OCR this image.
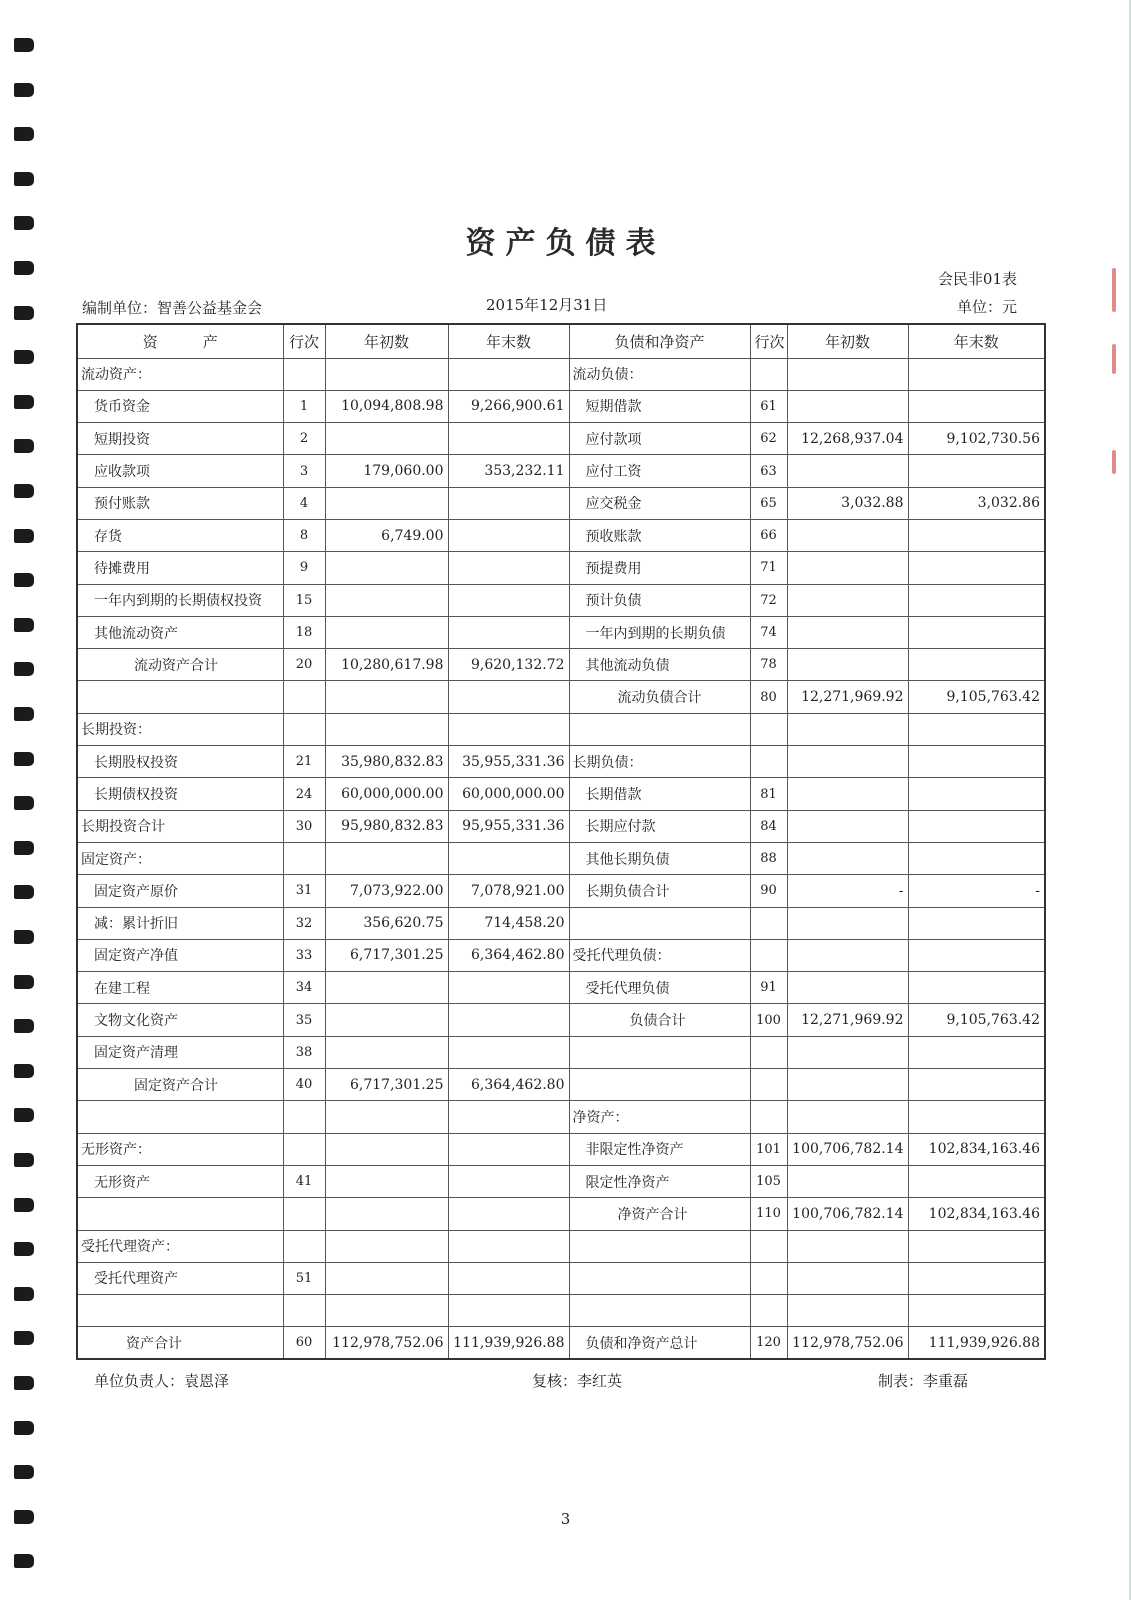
资产负债表
会民非01表
编制单位：智善公益基金会	2015年12月31日	单位：元
资　　　产	行次	年初数	年末数	负债和净资产	行次	年初数	年末数
流动资产：				流动负债：			
货币资金	1	10,094,808.98	9,266,900.61	短期借款	61		
短期投资	2			应付款项	62	12,268,937.04	9,102,730.56
应收款项	3	179,060.00	353,232.11	应付工资	63		
预付账款	4			应交税金	65	3,032.88	3,032.86
存货	8	6,749.00		预收账款	66		
待摊费用	9			预提费用	71		
一年内到期的长期债权投资	15			预计负债	72		
其他流动资产	18			一年内到期的长期负债	74		
流动资产合计	20	10,280,617.98	9,620,132.72	其他流动负债	78		
				流动负债合计	80	12,271,969.92	9,105,763.42
长期投资：							
长期股权投资	21	35,980,832.83	35,955,331.36	长期负债：			
长期债权投资	24	60,000,000.00	60,000,000.00	长期借款	81		
长期投资合计	30	95,980,832.83	95,955,331.36	长期应付款	84		
固定资产：				其他长期负债	88		
固定资产原价	31	7,073,922.00	7,078,921.00	长期负债合计	90	-	-
减：累计折旧	32	356,620.75	714,458.20				
固定资产净值	33	6,717,301.25	6,364,462.80	受托代理负债：			
在建工程	34			受托代理负债	91		
文物文化资产	35			负债合计	100	12,271,969.92	9,105,763.42
固定资产清理	38						
固定资产合计	40	6,717,301.25	6,364,462.80				
				净资产：			
无形资产：				非限定性净资产	101	100,706,782.14	102,834,163.46
无形资产	41			限定性净资产	105		
				净资产合计	110	100,706,782.14	102,834,163.46
受托代理资产：							
受托代理资产	51						

资产合计	60	112,978,752.06	111,939,926.88	负债和净资产总计	120	112,978,752.06	111,939,926.88
单位负责人：袁恩泽	复核：李红英	制表：李重磊
3
